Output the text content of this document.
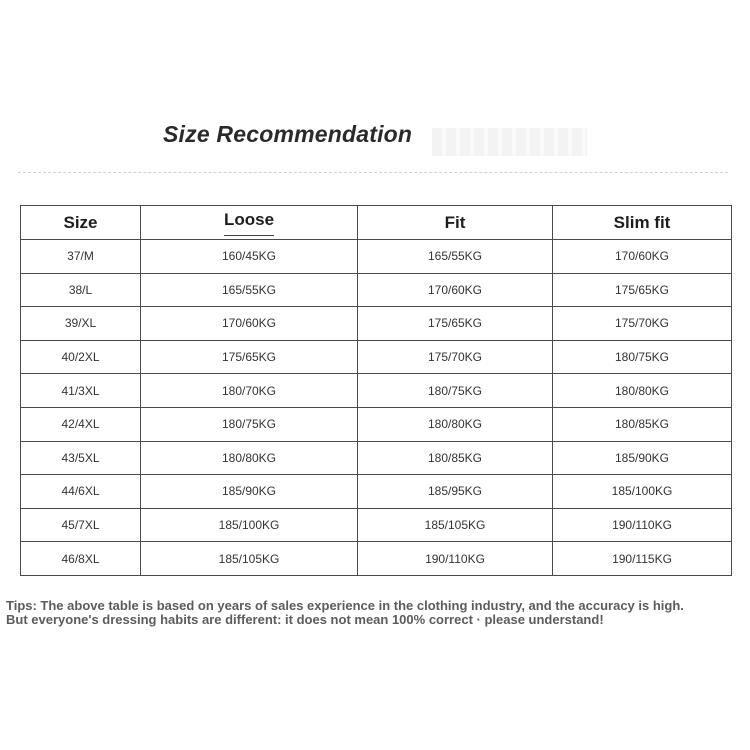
Size Recommendation
Size	Loose	Fit	Slim fit
37/M	160/45KG	165/55KG	170/60KG
38/L	165/55KG	170/60KG	175/65KG
39/XL	170/60KG	175/65KG	175/70KG
40/2XL	175/65KG	175/70KG	180/75KG
41/3XL	180/70KG	180/75KG	180/80KG
42/4XL	180/75KG	180/80KG	180/85KG
43/5XL	180/80KG	180/85KG	185/90KG
44/6XL	185/90KG	185/95KG	185/100KG
45/7XL	185/100KG	185/105KG	190/110KG
46/8XL	185/105KG	190/110KG	190/115KG
Tips: The above table is based on years of sales experience in the clothing industry, and the accuracy is high.
But everyone's dressing habits are different: it does not mean 100% correct · please understand!
